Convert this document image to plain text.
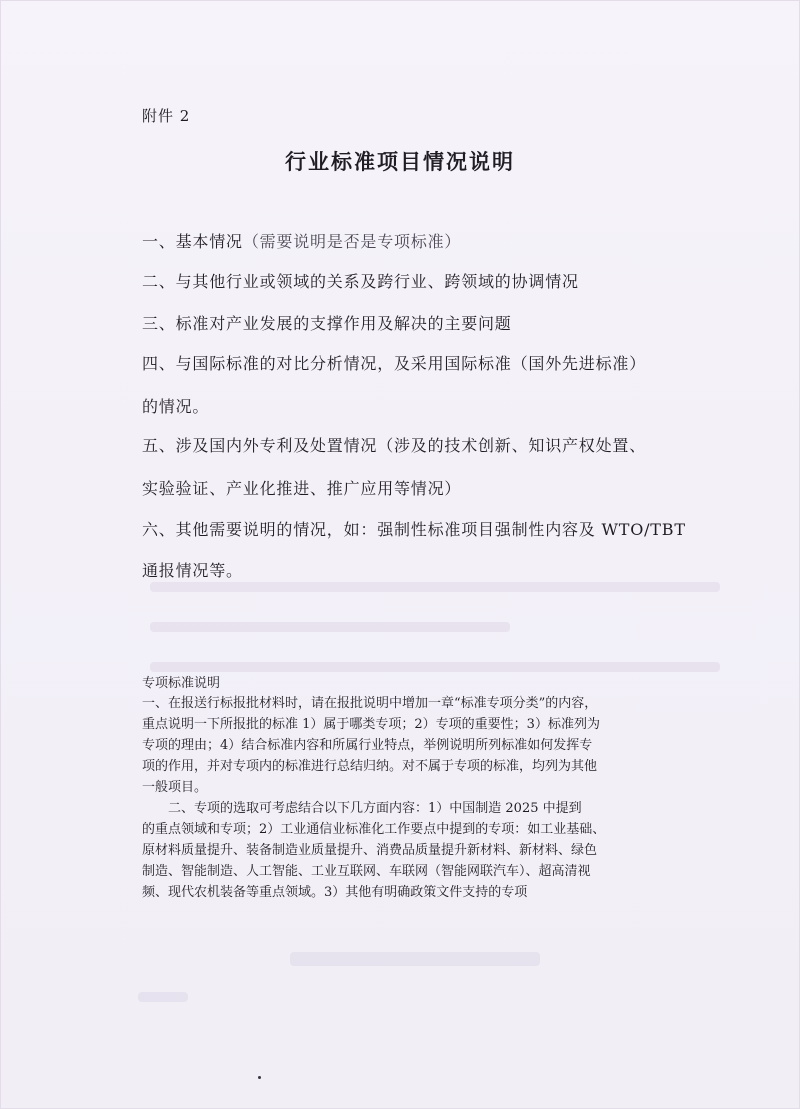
附件 2
行业标准项目情况说明
一、基本情况（需要说明是否是专项标准）
二、与其他行业或领域的关系及跨行业、跨领域的协调情况
三、标准对产业发展的支撑作用及解决的主要问题
四、与国际标准的对比分析情况，及采用国际标准（国外先进标准）
的情况。
五、涉及国内外专利及处置情况（涉及的技术创新、知识产权处置、
实验验证、产业化推进、推广应用等情况）
六、其他需要说明的情况，如：强制性标准项目强制性内容及 WTO/TBT
通报情况等。
专项标准说明
一、在报送行标报批材料时，请在报批说明中增加一章“标准专项分类”的内容，
重点说明一下所报批的标准 1）属于哪类专项；2）专项的重要性；3）标准列为
专项的理由；4）结合标准内容和所属行业特点，举例说明所列标准如何发挥专
项的作用，并对专项内的标准进行总结归纳。对不属于专项的标准，均列为其他
一般项目。
　　二、专项的选取可考虑结合以下几方面内容：1）中国制造 2025 中提到
的重点领域和专项；2）工业通信业标准化工作要点中提到的专项：如工业基础、
原材料质量提升、装备制造业质量提升、消费品质量提升新材料、新材料、绿色
制造、智能制造、人工智能、工业互联网、车联网（智能网联汽车）、超高清视
频、现代农机装备等重点领域。3）其他有明确政策文件支持的专项
